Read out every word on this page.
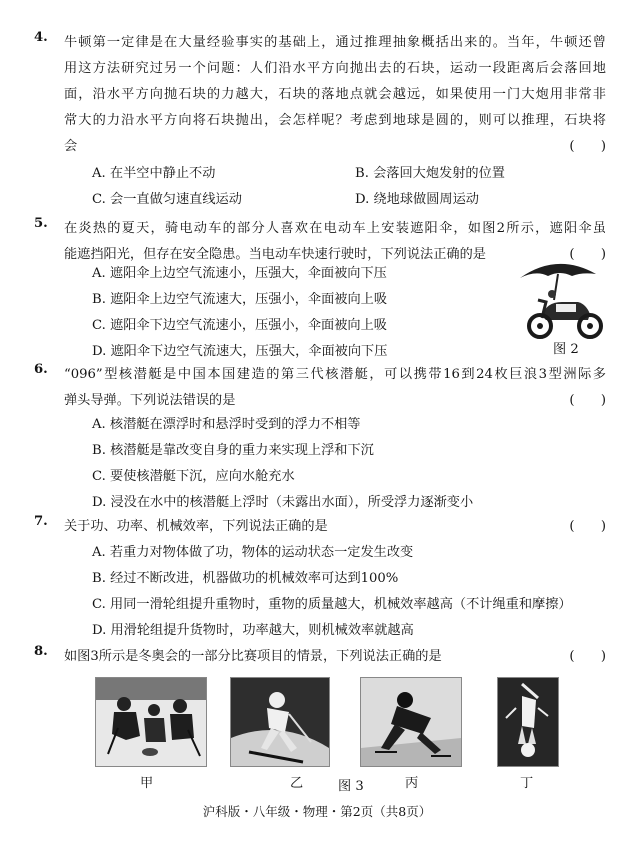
4. 牛顿第一定律是在大量经验事实的基础上，通过推理抽象概括出来的。当年，牛顿还曾
用这方法研究过另一个问题：人们沿水平方向抛出去的石块，运动一段距离后会落回地
面，沿水平方向抛石块的力越大，石块的落地点就会越远，如果使用一门大炮用非常非
常大的力沿水平方向将石块抛出，会怎样呢？考虑到地球是圆的，则可以推理，石块将
会	(　　)
A. 在半空中静止不动	B. 会落回大炮发射的位置
C. 会一直做匀速直线运动	D. 绕地球做圆周运动
5. 在炎热的夏天，骑电动车的部分人喜欢在电动车上安装遮阳伞，如图2所示，遮阳伞虽
能遮挡阳光，但存在安全隐患。当电动车快速行驶时，下列说法正确的是	(　　)
A. 遮阳伞上边空气流速小，压强大，伞面被向下压
B. 遮阳伞上边空气流速大，压强小，伞面被向上吸
C. 遮阳伞下边空气流速小，压强小，伞面被向上吸
D. 遮阳伞下边空气流速大，压强大，伞面被向下压	图 2
6. “096”型核潜艇是中国本国建造的第三代核潜艇，可以携带16到24枚巨浪3型洲际多
弹头导弹。下列说法错误的是	(　　)
A. 核潜艇在漂浮时和悬浮时受到的浮力不相等
B. 核潜艇是靠改变自身的重力来实现上浮和下沉
C. 要使核潜艇下沉，应向水舱充水
D. 浸没在水中的核潜艇上浮时（未露出水面），所受浮力逐渐变小
7. 关于功、功率、机械效率，下列说法正确的是	(　　)
A. 若重力对物体做了功，物体的运动状态一定发生改变
B. 经过不断改进，机器做功的机械效率可达到100%
C. 用同一滑轮组提升重物时，重物的质量越大，机械效率越高（不计绳重和摩擦）
D. 用滑轮组提升货物时，功率越大，则机械效率就越高
8. 如图3所示是冬奥会的一部分比赛项目的情景，下列说法正确的是	(　　)
甲	乙	图 3	丙	丁
沪科版・八年级・物理・第2页（共8页）
